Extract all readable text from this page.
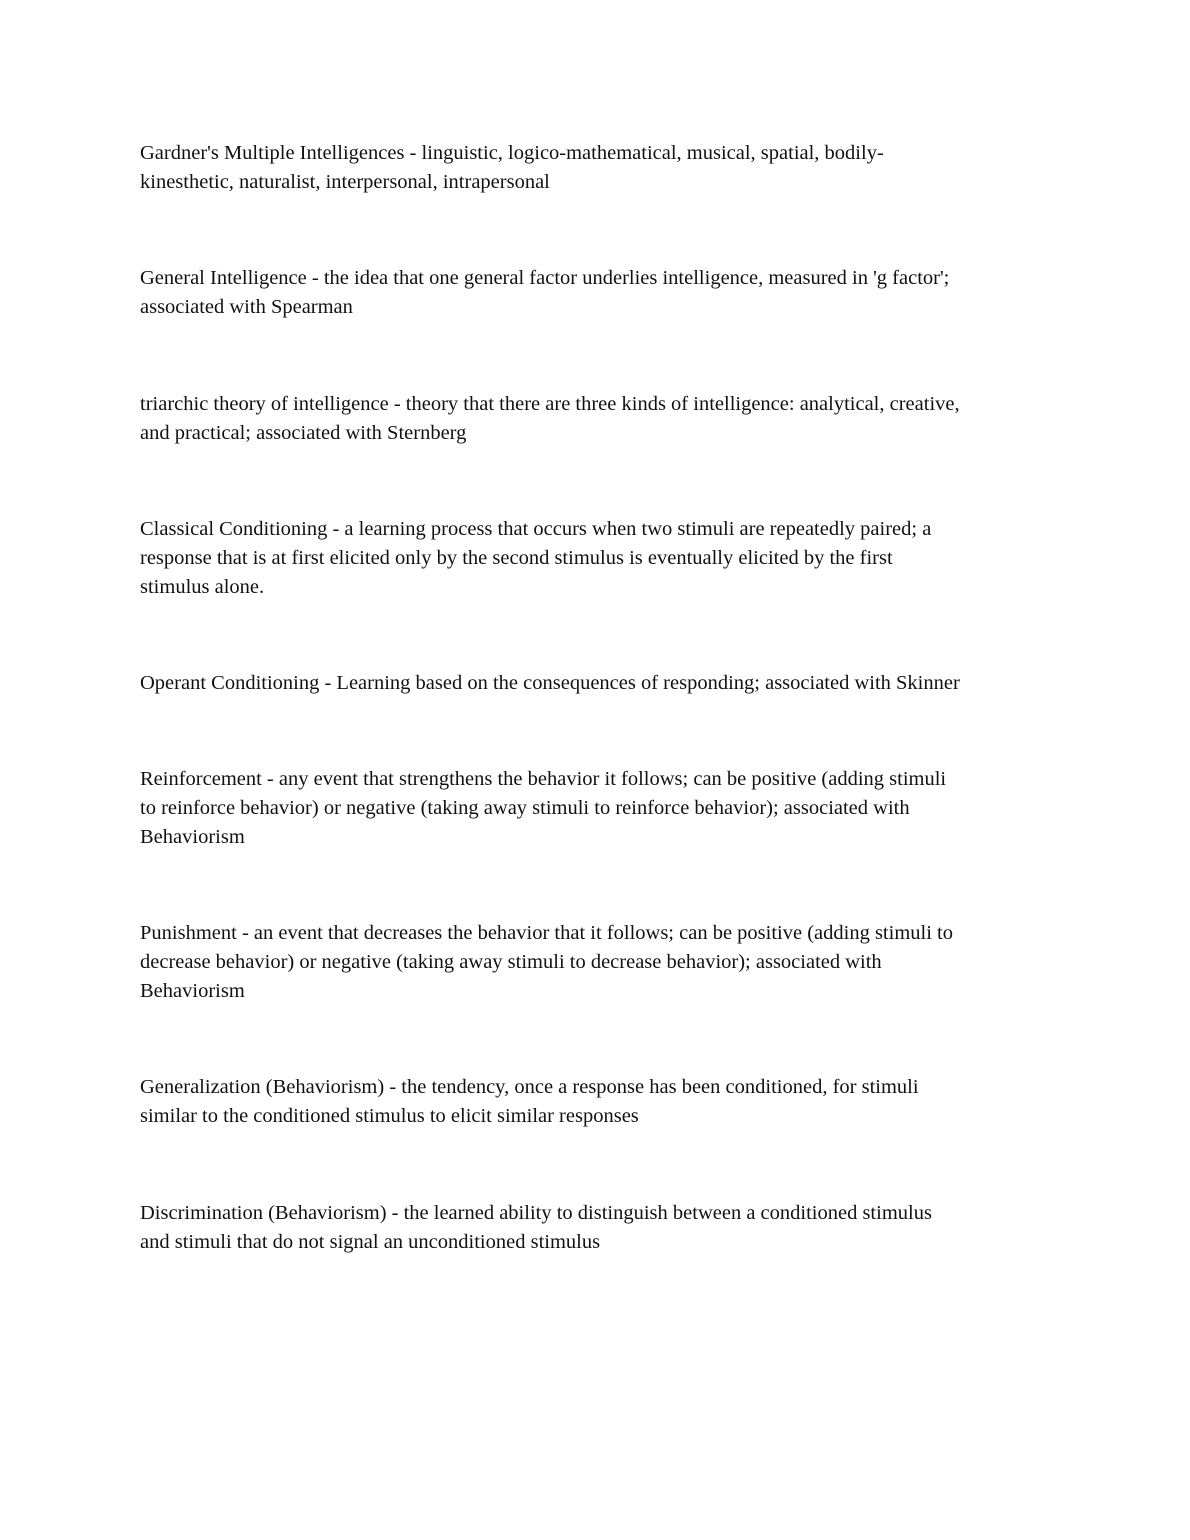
Gardner's Multiple Intelligences - linguistic, logico-mathematical, musical, spatial, bodily-
kinesthetic, naturalist, interpersonal, intrapersonal

General Intelligence - the idea that one general factor underlies intelligence, measured in 'g factor';
associated with Spearman

triarchic theory of intelligence - theory that there are three kinds of intelligence: analytical, creative,
and practical; associated with Sternberg

Classical Conditioning - a learning process that occurs when two stimuli are repeatedly paired; a
response that is at first elicited only by the second stimulus is eventually elicited by the first
stimulus alone.

Operant Conditioning - Learning based on the consequences of responding; associated with Skinner

Reinforcement - any event that strengthens the behavior it follows; can be positive (adding stimuli
to reinforce behavior) or negative (taking away stimuli to reinforce behavior); associated with
Behaviorism

Punishment - an event that decreases the behavior that it follows; can be positive (adding stimuli to
decrease behavior) or negative (taking away stimuli to decrease behavior); associated with
Behaviorism

Generalization (Behaviorism) - the tendency, once a response has been conditioned, for stimuli
similar to the conditioned stimulus to elicit similar responses

Discrimination (Behaviorism) - the learned ability to distinguish between a conditioned stimulus
and stimuli that do not signal an unconditioned stimulus
